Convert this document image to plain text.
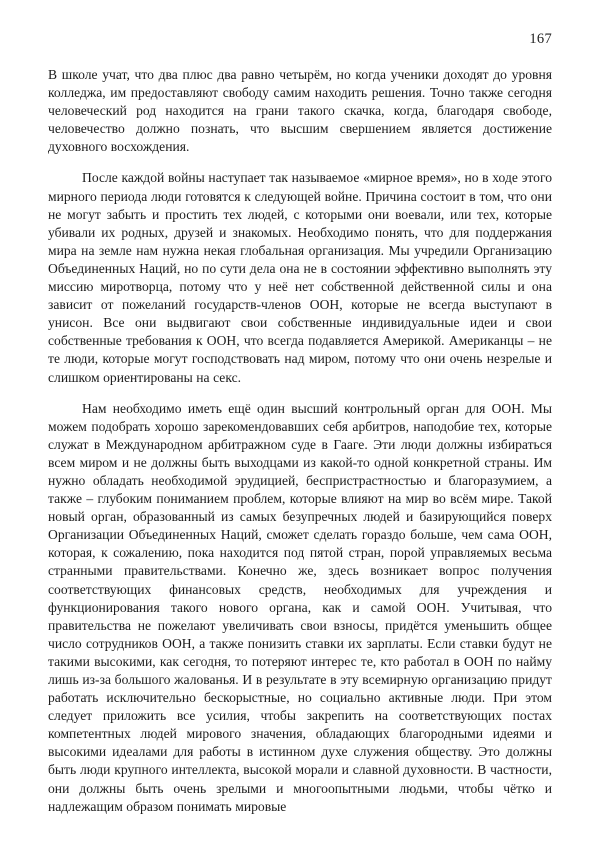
167

В школе учат, что два плюс два равно четырём, но когда ученики доходят до уровня колледжа, им предоставляют свободу самим находить решения. Точно также сегодня человеческий род находится на грани такого скачка, когда, благодаря свободе, человечество должно познать, что высшим свершением является достижение духовного восхождения.

После каждой войны наступает так называемое «мирное время», но в ходе этого мирного периода люди готовятся к следующей войне. Причина состоит в том, что они не могут забыть и простить тех людей, с которыми они воевали, или тех, которые убивали их родных, друзей и знакомых. Необходимо понять, что для поддержания мира на земле нам нужна некая глобальная организация. Мы учредили Организацию Объединенных Наций, но по сути дела она не в состоянии эффективно выполнять эту миссию миротворца, потому что у неё нет собственной действенной силы и она зависит от пожеланий государств-членов ООН, которые не всегда выступают в унисон. Все они выдвигают свои собственные индивидуальные идеи и свои собственные требования к ООН, что всегда подавляется Америкой. Американцы – не те люди, которые могут господствовать над миром, потому что они очень незрелые и слишком ориентированы на секс.

Нам необходимо иметь ещё один высший контрольный орган для ООН. Мы можем подобрать хорошо зарекомендовавших себя арбитров, наподобие тех, которые служат в Международном арбитражном суде в Гааге. Эти люди должны избираться всем миром и не должны быть выходцами из какой-то одной конкретной страны. Им нужно обладать необходимой эрудицией, беспристрастностью и благоразумием, а также – глубоким пониманием проблем, которые влияют на мир во всём мире. Такой новый орган, образованный из самых безупречных людей и базирующийся поверх Организации Объединенных Наций, сможет сделать гораздо больше, чем сама ООН, которая, к сожалению, пока находится под пятой стран, порой управляемых весьма странными правительствами. Конечно же, здесь возникает вопрос получения соответствующих финансовых средств, необходимых для учреждения и функционирования такого нового органа, как и самой ООН. Учитывая, что правительства не пожелают увеличивать свои взносы, придётся уменьшить общее число сотрудников ООН, а также понизить ставки их зарплаты. Если ставки будут не такими высокими, как сегодня, то потеряют интерес те, кто работал в ООН по найму лишь из-за большого жалованья. И в результате в эту всемирную организацию придут работать исключительно бескорыстные, но социально активные люди. При этом следует приложить все усилия, чтобы закрепить на соответствующих постах компетентных людей мирового значения, обладающих благородными идеями и высокими идеалами для работы в истинном духе служения обществу. Это должны быть люди крупного интеллекта, высокой морали и славной духовности. В частности, они должны быть очень зрелыми и многоопытными людьми, чтобы чётко и надлежащим образом понимать мировые
